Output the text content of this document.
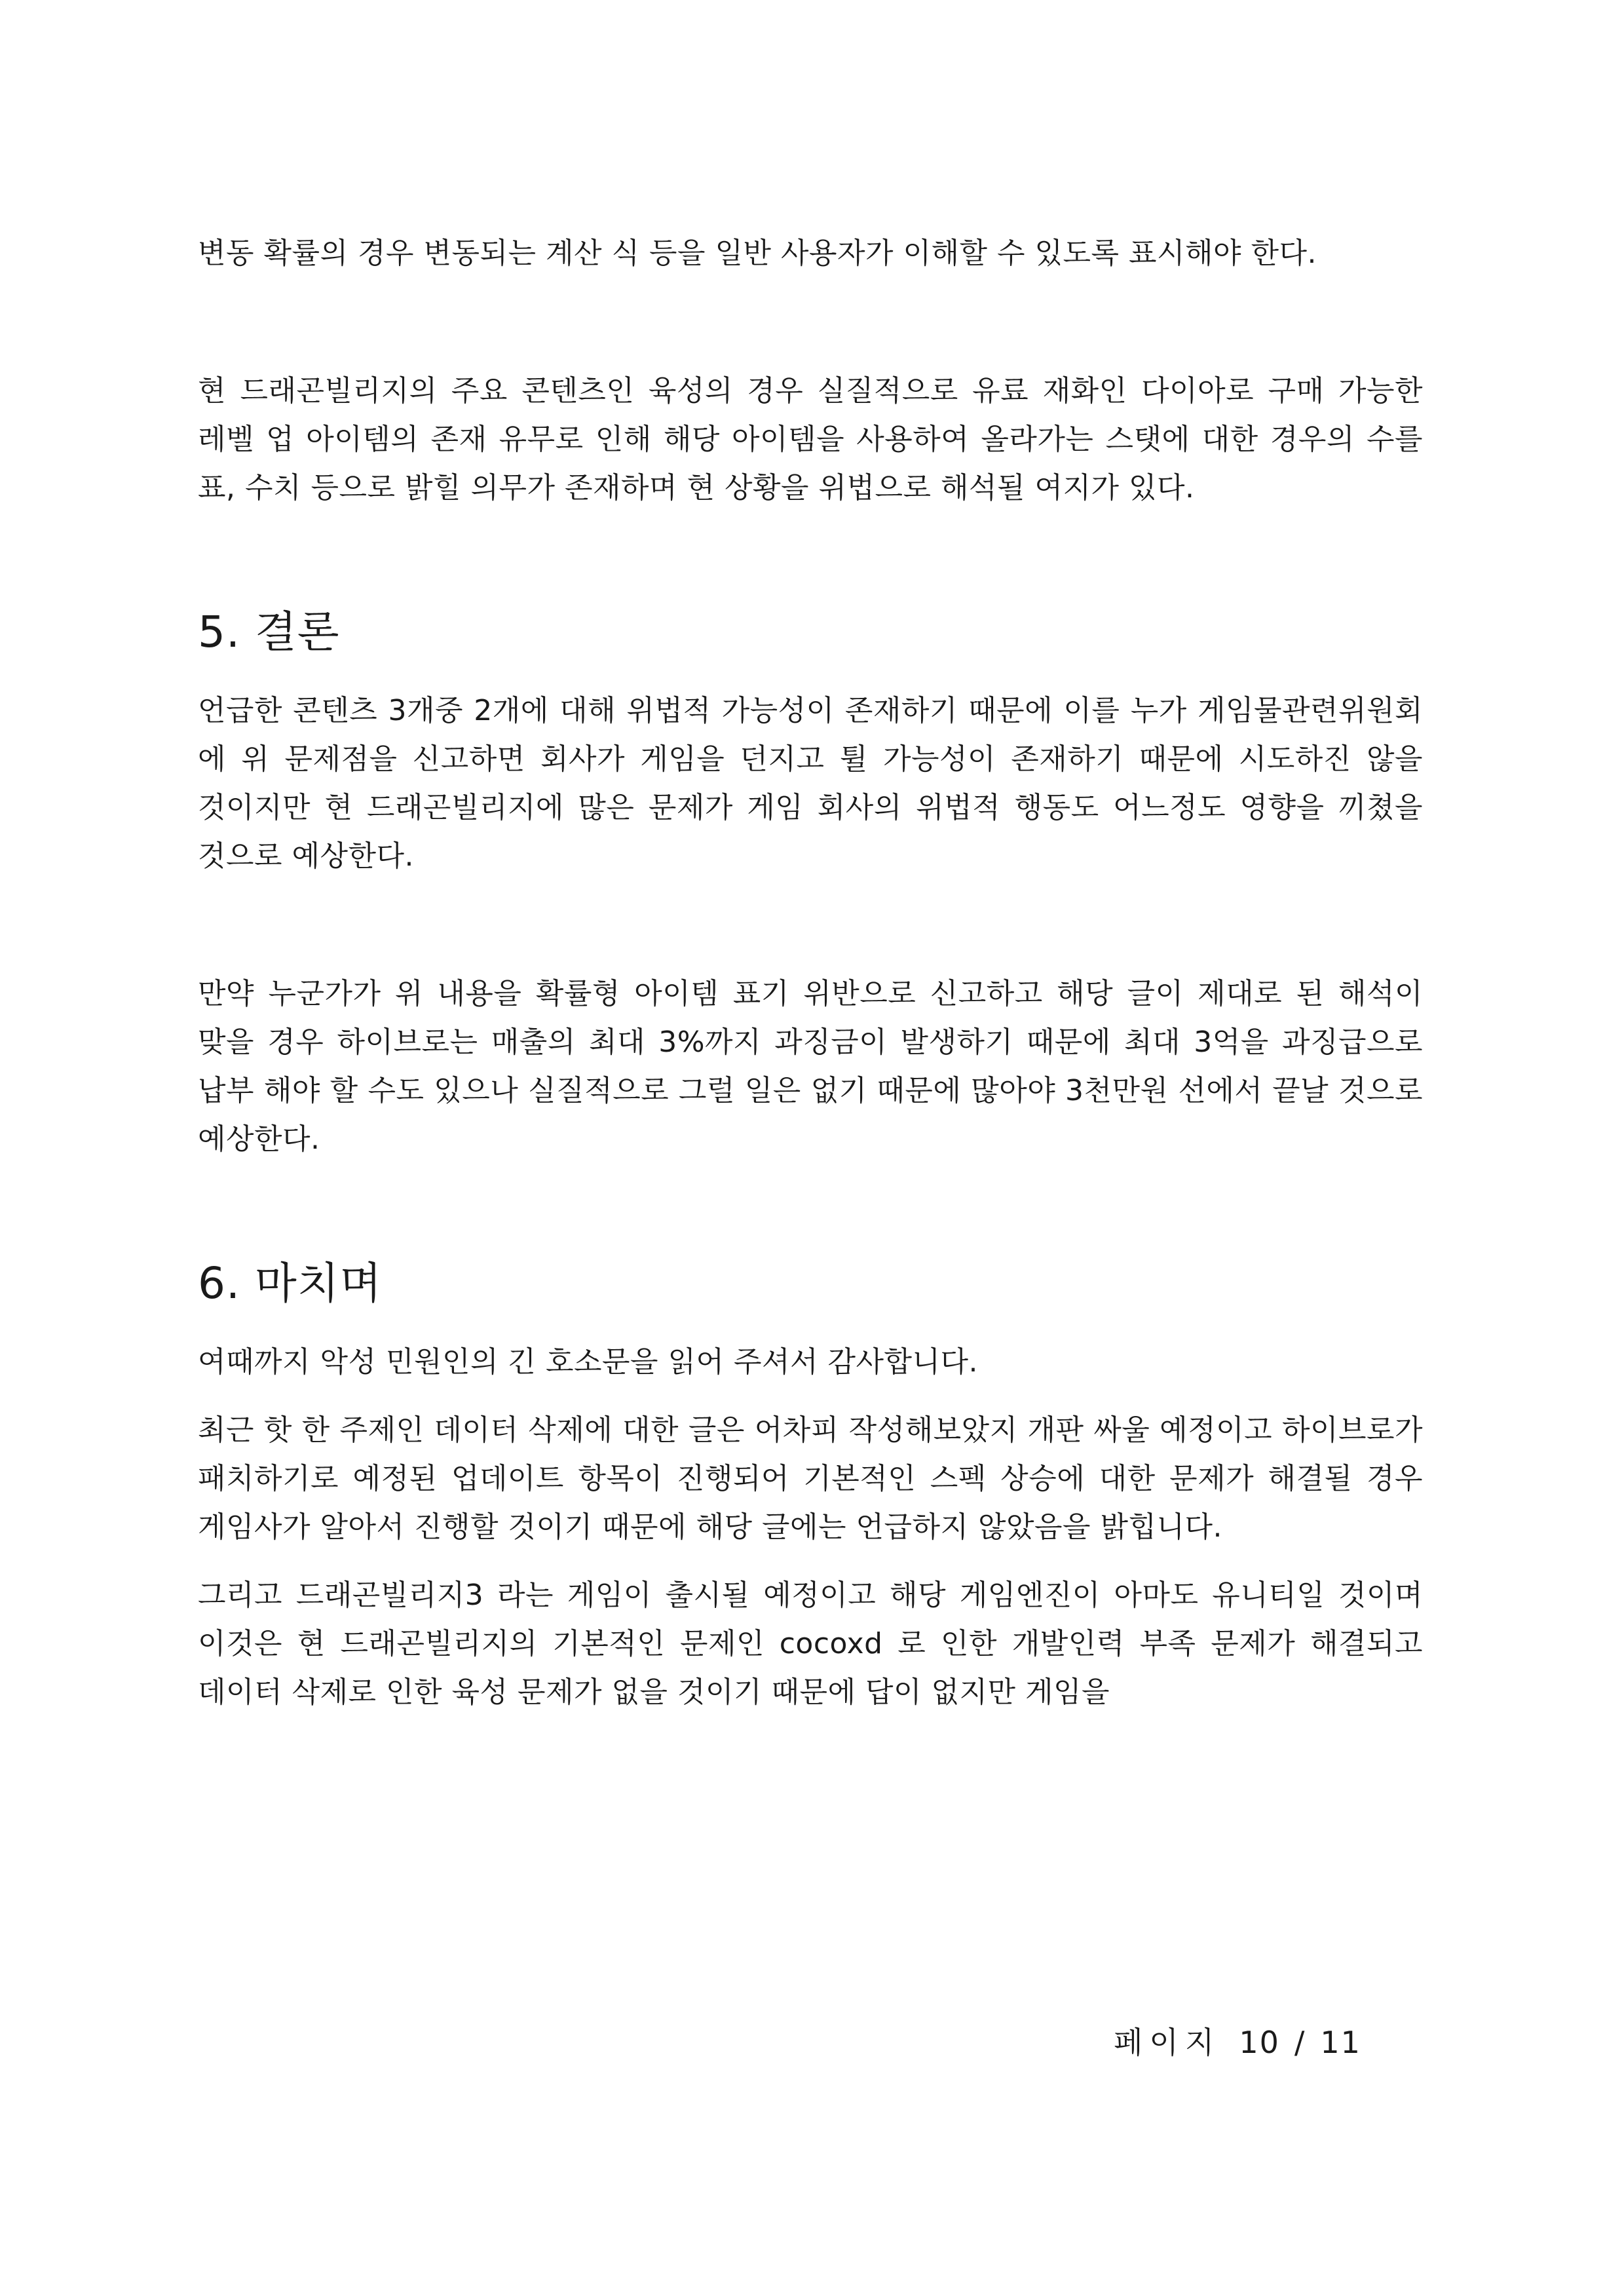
변동 확률의 경우 변동되는 계산 식 등을 일반 사용자가 이해할 수 있도록 표시해야 한다.

현 드래곤빌리지의 주요 콘텐츠인 육성의 경우 실질적으로 유료 재화인 다이아로 구매 가능한 레벨 업 아이템의 존재 유무로 인해 해당 아이템을 사용하여 올라가는 스탯에 대한 경우의 수를 표, 수치 등으로 밝힐 의무가 존재하며 현 상황을 위법으로 해석될 여지가 있다.

5. 결론

언급한 콘텐츠 3개중 2개에 대해 위법적 가능성이 존재하기 때문에 이를 누가 게임물관련위원회 에 위 문제점을 신고하면 회사가 게임을 던지고 튈 가능성이 존재하기 때문에 시도하진 않을 것이지만 현 드래곤빌리지에 많은 문제가 게임 회사의 위법적 행동도 어느정도 영향을 끼쳤을 것으로 예상한다.

만약 누군가가 위 내용을 확률형 아이템 표기 위반으로 신고하고 해당 글이 제대로 된 해석이 맞을 경우 하이브로는 매출의 최대 3%까지 과징금이 발생하기 때문에 최대 3억을 과징급으로 납부 해야 할 수도 있으나 실질적으로 그럴 일은 없기 때문에 많아야 3천만원 선에서 끝날 것으로 예상한다.

6. 마치며

여때까지 악성 민원인의 긴 호소문을 읽어 주셔서 감사합니다.

최근 핫 한 주제인 데이터 삭제에 대한 글은 어차피 작성해보았지 개판 싸울 예정이고 하이브로가 패치하기로 예정된 업데이트 항목이 진행되어 기본적인 스펙 상승에 대한 문제가 해결될 경우 게임사가 알아서 진행할 것이기 때문에 해당 글에는 언급하지 않았음을 밝힙니다.

그리고 드래곤빌리지3 라는 게임이 출시될 예정이고 해당 게임엔진이 아마도 유니티일 것이며 이것은 현 드래곤빌리지의 기본적인 문제인 cocoxd 로 인한 개발인력 부족 문제가 해결되고 데이터 삭제로 인한 육성 문제가 없을 것이기 때문에 답이 없지만 게임을

페이지 10 / 11
